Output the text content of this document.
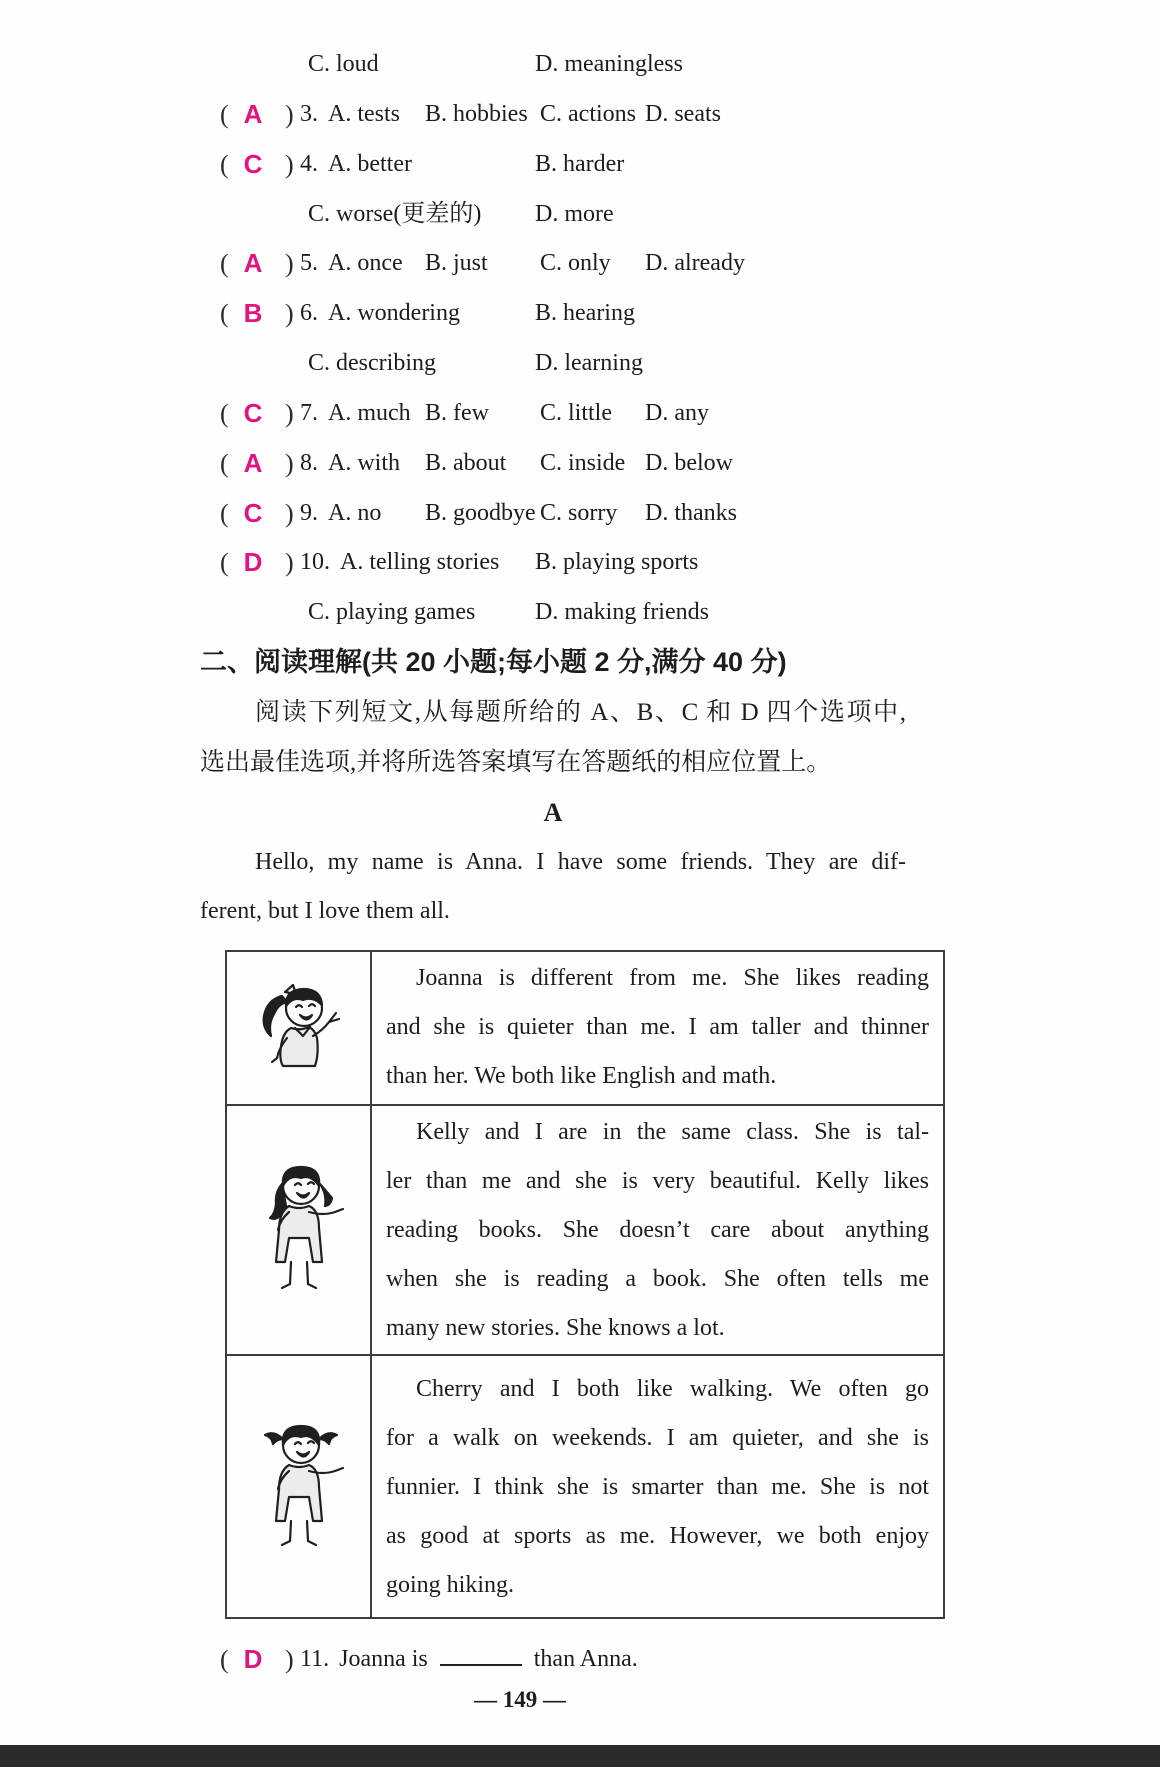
C. loud	D. meaningless
( A ) 3. A. tests B. hobbies C. actions D. seats
( C ) 4. A. better	B. harder
C. worse(更差的) D. more
( A ) 5. A. once B. just C. only D. already
( B ) 6. A. wondering	B. hearing
C. describing	D. learning
( C ) 7. A. much B. few C. little D. any
( A ) 8. A. with B. about C. inside D. below
( C ) 9. A. no B. goodbye C. sorry D. thanks
( D ) 10. A. telling stories B. playing sports
C. playing games D. making friends
二、阅读理解(共 20 小题;每小题 2 分,满分 40 分)
阅读下列短文,从每题所给的 A、B、C 和 D 四个选项中,
选出最佳选项,并将所选答案填写在答题纸的相应位置上。
A
Hello, my name is Anna. I have some friends. They are dif-
ferent, but I love them all.
Joanna is different from me. She likes reading
and she is quieter than me. I am taller and thinner
than her. We both like English and math.
Kelly and I are in the same class. She is tal-
ler than me and she is very beautiful. Kelly likes
reading books. She doesn’t care about anything
when she is reading a book. She often tells me
many new stories. She knows a lot.
Cherry and I both like walking. We often go
for a walk on weekends. I am quieter, and she is
funnier. I think she is smarter than me. She is not
as good at sports as me. However, we both enjoy
going hiking.
( D ) 11. Joanna is	than Anna.
— 149 —
